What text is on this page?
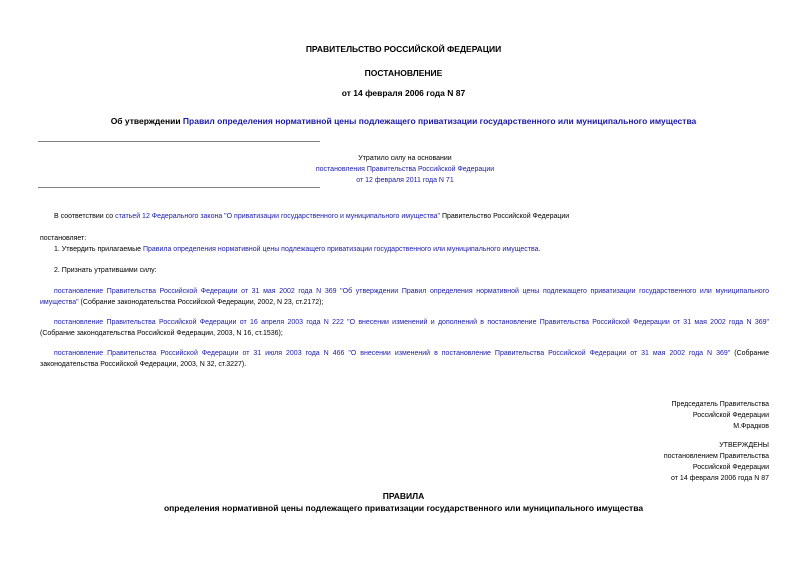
ПРАВИТЕЛЬСТВО РОССИЙСКОЙ ФЕДЕРАЦИИ
ПОСТАНОВЛЕНИЕ
от 14 февраля 2006 года N 87
Об утверждении Правил определения нормативной цены подлежащего приватизации государственного или муниципального имущества
Утратило силу на основании
постановления Правительства Российской Федерации
от 12 февраля 2011 года N 71
В соответствии со статьей 12 Федерального закона "О приватизации государственного и муниципального имущества" Правительство Российской Федерации
постановляет:
1. Утвердить прилагаемые Правила определения нормативной цены подлежащего приватизации государственного или муниципального имущества.
2. Признать утратившими силу:
постановление Правительства Российской Федерации от 31 мая 2002 года N 369 "Об утверждении Правил определения нормативной цены подлежащего приватизации государственного или муниципального имущества" (Собрание законодательства Российской Федерации, 2002, N 23, ст.2172);
постановление Правительства Российской Федерации от 16 апреля 2003 года N 222 "О внесении изменений и дополнений в постановление Правительства Российской Федерации от 31 мая 2002 года N 369" (Собрание законодательства Российской Федерации, 2003, N 16, ст.1536);
постановление Правительства Российской Федерации от 31 июля 2003 года N 466 "О внесении изменений в постановление Правительства Российской Федерации от 31 мая 2002 года N 369" (Собрание законодательства Российской Федерации, 2003, N 32, ст.3227).
Председатель Правительства
Российской Федерации
М.Фрадков
УТВЕРЖДЕНЫ
постановлением Правительства
Российской Федерации
от 14 февраля 2006 года N 87
ПРАВИЛА
определения нормативной цены подлежащего приватизации государственного или муниципального имущества
